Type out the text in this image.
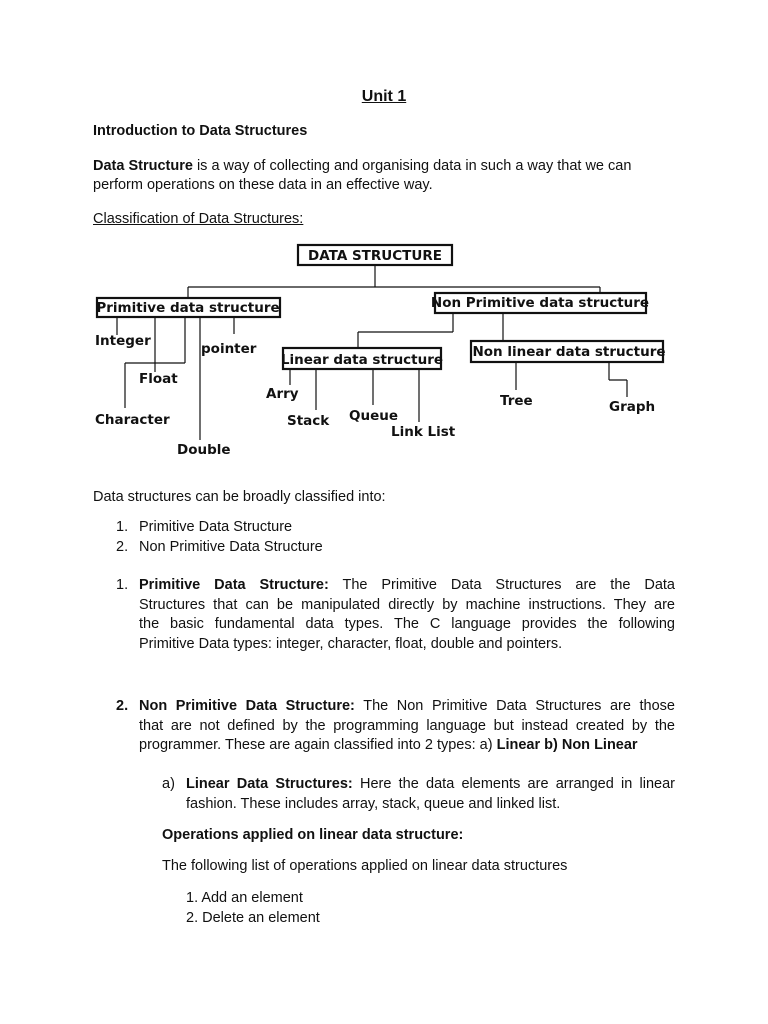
Unit 1

Introduction to Data Structures

Data Structure is a way of collecting and organising data in such a way that we can

perform operations on these data in an effective way.

Classification of Data Structures:

DATA STRUCTURE
Primitive data structure	Non Primitive data structure
Linear data structure Non linear data structure
Integer
Float
Character
Double
pointer
Arry
Stack Queue
Link List
Tree	Graph

Data structures can be broadly classified into:

1. Primitive Data Structure
2. Non Primitive Data Structure
1. Primitive Data Structure: The Primitive Data Structures are the Data
Structures that can be manipulated directly by machine instructions. They are
the basic fundamental data types. The C language provides the following
Primitive Data types: integer, character, float, double and pointers.
2. Non Primitive Data Structure: The Non Primitive Data Structures are those
that are not defined by the programming language but instead created by the
programmer. These are again classified into 2 types: a) Linear b) Non Linear
a) Linear Data Structures: Here the data elements are arranged in linear
fashion. These includes array, stack, queue and linked list.

Operations applied on linear data structure:

The following list of operations applied on linear data structures

1. Add an element
2. Delete an element
